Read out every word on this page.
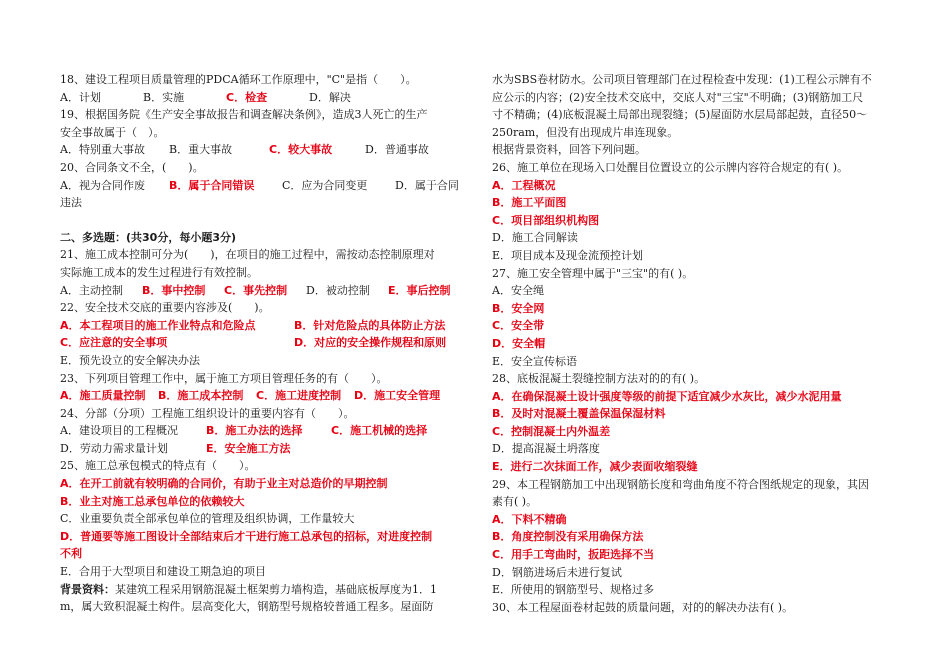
18、建设工程项目质量管理的PDCA循环工作原理中，"C"是指（　　）。
A．计划	B．实施	C．检查	D．解决
19、根据国务院《生产安全事故报告和调查解决条例》，造成3人死亡的生产
安全事故属于（　）。
A．特别重大事故 B．重大事故	C．较大事故	D．普通事故
20、合同条文不全，(　　)。
A．视为合同作废 B．属于合同错误	C．应为合同变更	D．属于合同
违法
二、多选题：(共30分，每小题3分)
21、施工成本控制可分为(　　)，在项目的施工过程中，需按动态控制原理对
实际施工成本的发生过程进行有效控制。
A．主动控制 B．事中控制 C．事先控制 D．被动控制 E．事后控制
22、安全技术交底的重要内容涉及(　　)。
A．本工程项目的施工作业特点和危险点	B．针对危险点的具体防止方法
C．应注意的安全事项	D．对应的安全操作规程和原则
E．预先设立的安全解决办法
23、下列项目管理工作中，属于施工方项目管理任务的有（　　）。
A．施工质量控制 B．施工成本控制 C．施工进度控制 D．施工安全管理
24、分部（分项）工程施工组织设计的重要内容有（　　）。
A．建设项目的工程概况	B．施工办法的选择	C．施工机械的选择
D．劳动力需求量计划	E．安全施工方法
25、施工总承包模式的特点有（　　）。
A．在开工前就有较明确的合同价，有助于业主对总造价的早期控制
B．业主对施工总承包单位的依赖较大
C．业重要负责全部承包单位的管理及组织协调，工作量较大
D．普通要等施工图设计全部结束后才干进行施工总承包的招标，对进度控制
不利
E．合用于大型项目和建设工期急迫的项目
背景资料：某建筑工程采用钢筋混凝土框架剪力墙构造，基础底板厚度为1．1
m，属大致积混凝土构件。层高变化大，钢筋型号规格较普通工程多。屋面防
水为SBS卷材防水。公司项目管理部门在过程检查中发现：(1)工程公示牌有不
应公示的内容；(2)安全技术交底中，交底人对"三宝"不明确；(3)钢筋加工尺
寸不精确；(4)底板混凝土局部出现裂缝；(5)屋面防水层局部起鼓，直径50～
250ram，但没有出现成片串连现象。
根据背景资料，回答下列问题。
26、施工单位在现场入口处醒目位置设立的公示牌内容符合规定的有( )。
A．工程概况
B．施工平面图
C．项目部组织机构图
D．施工合同解读
E．项目成本及现金流预控计划
27、施工安全管理中属于"三宝"的有( )。
A．安全绳
B．安全网
C．安全带
D．安全帽
E．安全宣传标语
28、底板混凝土裂缝控制方法对的的有( )。
A．在确保混凝土设计强度等级的前提下适宜减少水灰比，减少水泥用量
B．及时对混凝土覆盖保温保湿材料
C．控制混凝土内外温差
D．提高混凝土坍落度
E．进行二次抹面工作，减少表面收缩裂缝
29、本工程钢筋加工中出现钢筋长度和弯曲角度不符合图纸规定的现象，其因
素有( )。
A．下料不精确
B．角度控制没有采用确保方法
C．用手工弯曲时，扳距选择不当
D．钢筋进场后未进行复试
E．所使用的钢筋型号、规格过多
30、本工程屋面卷材起鼓的质量问题，对的的解决办法有( )。
